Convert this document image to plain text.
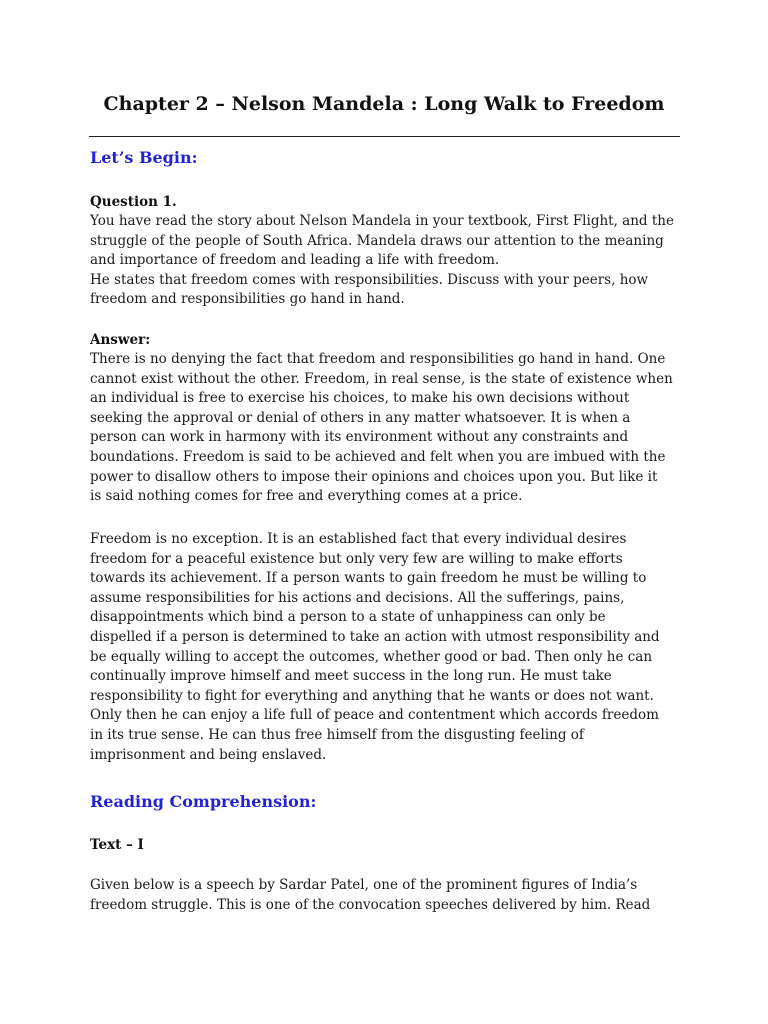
Chapter 2 – Nelson Mandela : Long Walk to Freedom
Let’s Begin:
Question 1.
You have read the story about Nelson Mandela in your textbook, First Flight, and the
struggle of the people of South Africa. Mandela draws our attention to the meaning
and importance of freedom and leading a life with freedom.
He states that freedom comes with responsibilities. Discuss with your peers, how
freedom and responsibilities go hand in hand.
Answer:
There is no denying the fact that freedom and responsibilities go hand in hand. One
cannot exist without the other. Freedom, in real sense, is the state of existence when
an individual is free to exercise his choices, to make his own decisions without
seeking the approval or denial of others in any matter whatsoever. It is when a
person can work in harmony with its environment without any constraints and
boundations. Freedom is said to be achieved and felt when you are imbued with the
power to disallow others to impose their opinions and choices upon you. But like it
is said nothing comes for free and everything comes at a price.
Freedom is no exception. It is an established fact that every individual desires
freedom for a peaceful existence but only very few are willing to make efforts
towards its achievement. If a person wants to gain freedom he must be willing to
assume responsibilities for his actions and decisions. All the sufferings, pains,
disappointments which bind a person to a state of unhappiness can only be
dispelled if a person is determined to take an action with utmost responsibility and
be equally willing to accept the outcomes, whether good or bad. Then only he can
continually improve himself and meet success in the long run. He must take
responsibility to fight for everything and anything that he wants or does not want.
Only then he can enjoy a life full of peace and contentment which accords freedom
in its true sense. He can thus free himself from the disgusting feeling of
imprisonment and being enslaved.
Reading Comprehension:
Text – I
Given below is a speech by Sardar Patel, one of the prominent figures of India’s
freedom struggle. This is one of the convocation speeches delivered by him. Read
